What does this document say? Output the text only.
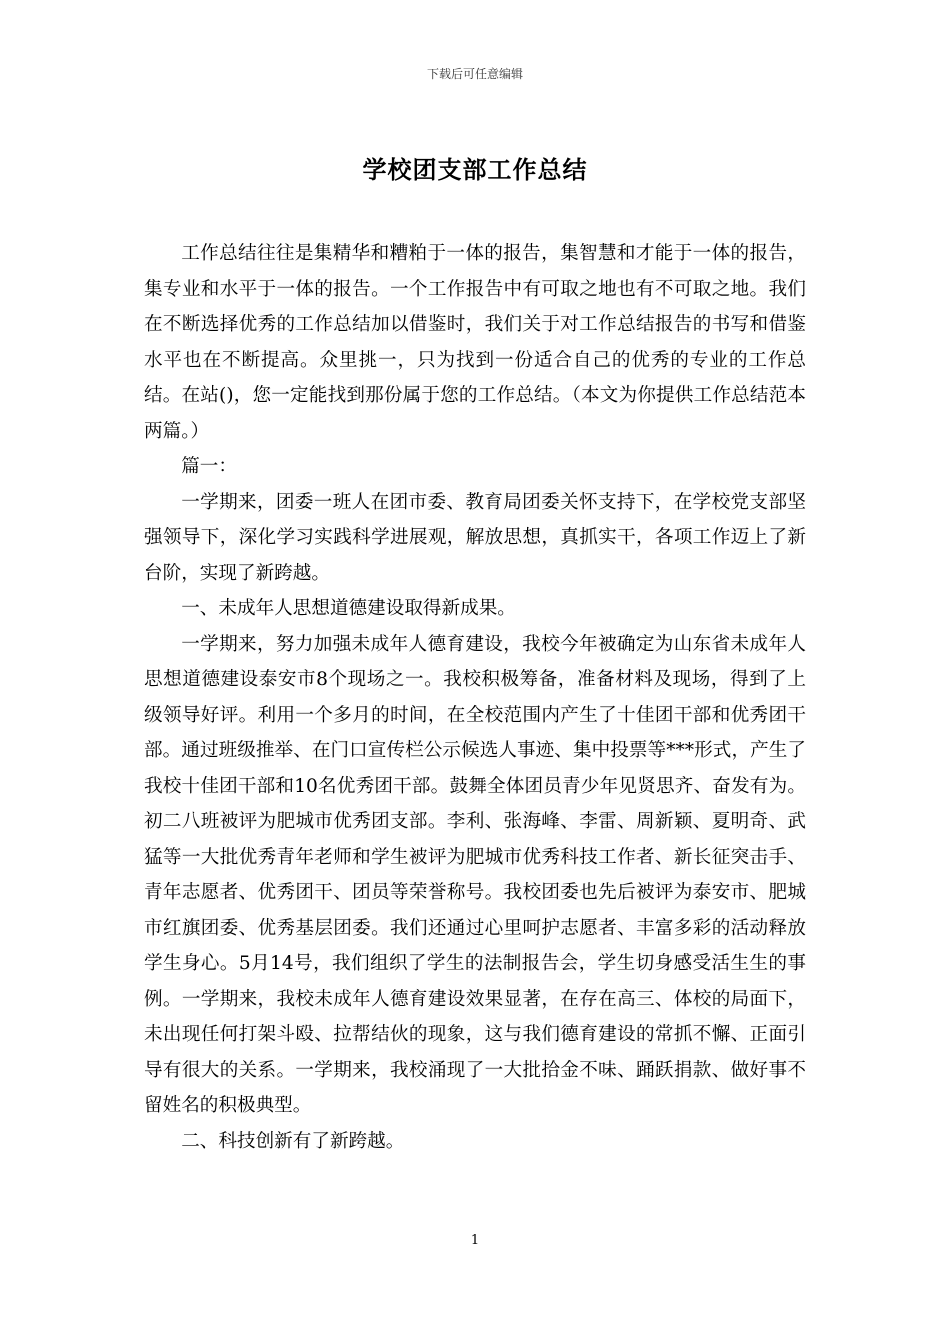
下载后可任意编辑
学校团支部工作总结

工作总结往往是集精华和糟粕于一体的报告，集智慧和才能于一体的报告，集专业和水平于一体的报告。一个工作报告中有可取之地也有不可取之地。我们在不断选择优秀的工作总结加以借鉴时，我们关于对工作总结报告的书写和借鉴水平也在不断提高。众里挑一，只为找到一份适合自己的优秀的专业的工作总结。在站()，您一定能找到那份属于您的工作总结。（本文为你提供工作总结范本两篇。）

篇一：

一学期来，团委一班人在团市委、教育局团委关怀支持下，在学校党支部坚强领导下，深化学习实践科学进展观，解放思想，真抓实干，各项工作迈上了新台阶，实现了新跨越。

一、未成年人思想道德建设取得新成果。

一学期来，努力加强未成年人德育建设，我校今年被确定为山东省未成年人思想道德建设泰安市8个现场之一。我校积极筹备，准备材料及现场，得到了上级领导好评。利用一个多月的时间，在全校范围内产生了十佳团干部和优秀团干部。通过班级推举、在门口宣传栏公示候选人事迹、集中投票等***形式，产生了我校十佳团干部和10名优秀团干部。鼓舞全体团员青少年见贤思齐、奋发有为。初二八班被评为肥城市优秀团支部。李利、张海峰、李雷、周新颖、夏明奇、武猛等一大批优秀青年老师和学生被评为肥城市优秀科技工作者、新长征突击手、青年志愿者、优秀团干、团员等荣誉称号。我校团委也先后被评为泰安市、肥城市红旗团委、优秀基层团委。我们还通过心里呵护志愿者、丰富多彩的活动释放学生身心。5月14号，我们组织了学生的法制报告会，学生切身感受活生生的事例。一学期来，我校未成年人德育建设效果显著，在存在高三、体校的局面下，未出现任何打架斗殴、拉帮结伙的现象，这与我们德育建设的常抓不懈、正面引导有很大的关系。一学期来，我校涌现了一大批拾金不味、踊跃捐款、做好事不留姓名的积极典型。

二、科技创新有了新跨越。

1
